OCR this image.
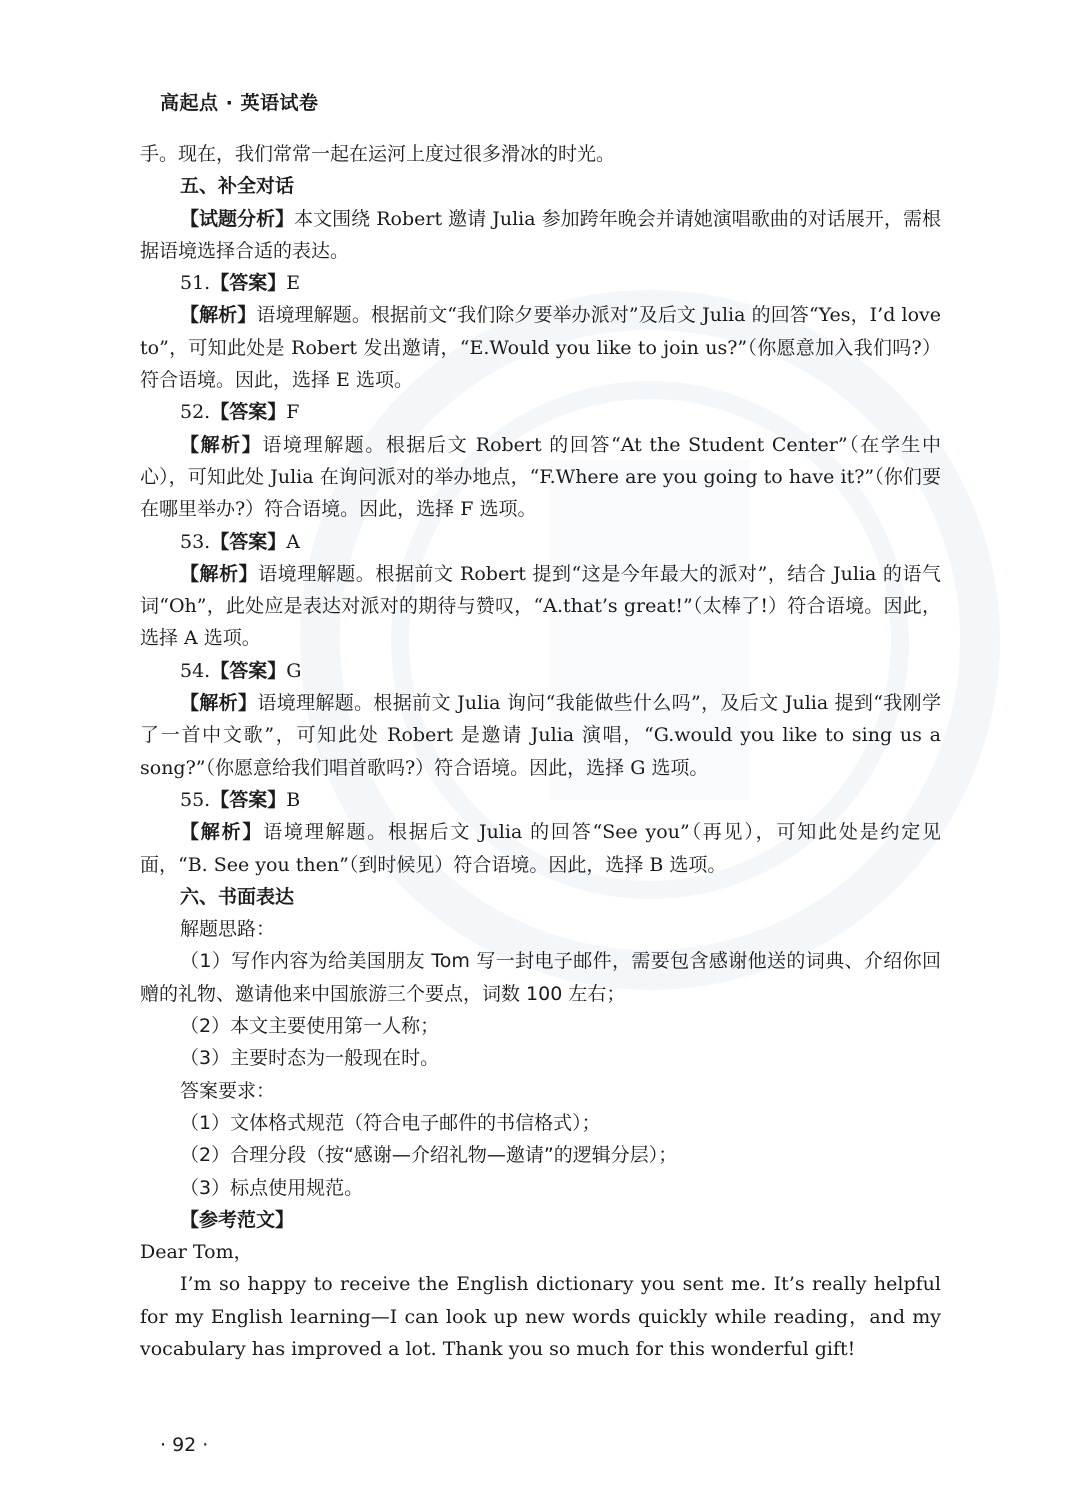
高起点 · 英语试卷

手。现在，我们常常一起在运河上度过很多滑冰的时光。

五、补全对话

【试题分析】本文围绕 Robert 邀请 Julia 参加跨年晚会并请她演唱歌曲的对话展开，需根据语境选择合适的表达。

51.【答案】E

【解析】语境理解题。根据前文“我们除夕要举办派对”及后文 Julia 的回答“Yes，I’d love to”，可知此处是 Robert 发出邀请，“E.Would you like to join us?”（你愿意加入我们吗?）符合语境。因此，选择 E 选项。

52.【答案】F

【解析】语境理解题。根据后文 Robert 的回答“At the Student Center”（在学生中心），可知此处 Julia 在询问派对的举办地点，“F.Where are you going to have it?”（你们要在哪里举办?）符合语境。因此，选择 F 选项。

53.【答案】A

【解析】语境理解题。根据前文 Robert 提到“这是今年最大的派对”，结合 Julia 的语气词“Oh”，此处应是表达对派对的期待与赞叹，“A.that’s great!”（太棒了!）符合语境。因此，选择 A 选项。

54.【答案】G

【解析】语境理解题。根据前文 Julia 询问“我能做些什么吗”，及后文 Julia 提到“我刚学了一首中文歌”，可知此处 Robert 是邀请 Julia 演唱，“G.would you like to sing us a song?”（你愿意给我们唱首歌吗?）符合语境。因此，选择 G 选项。

55.【答案】B

【解析】语境理解题。根据后文 Julia 的回答“See you”（再见），可知此处是约定见面，“B. See you then”（到时候见）符合语境。因此，选择 B 选项。

六、书面表达

解题思路：

（1）写作内容为给美国朋友 Tom 写一封电子邮件，需要包含感谢他送的词典、介绍你回赠的礼物、邀请他来中国旅游三个要点，词数 100 左右；

（2）本文主要使用第一人称；

（3）主要时态为一般现在时。

答案要求：

（1）文体格式规范（符合电子邮件的书信格式）；

（2）合理分段（按“感谢—介绍礼物—邀请”的逻辑分层）；

（3）标点使用规范。

【参考范文】

Dear Tom，

I’m so happy to receive the English dictionary you sent me. It’s really helpful for my English learning—I can look up new words quickly while reading，and my vocabulary has improved a lot. Thank you so much for this wonderful gift!

· 92 ·
